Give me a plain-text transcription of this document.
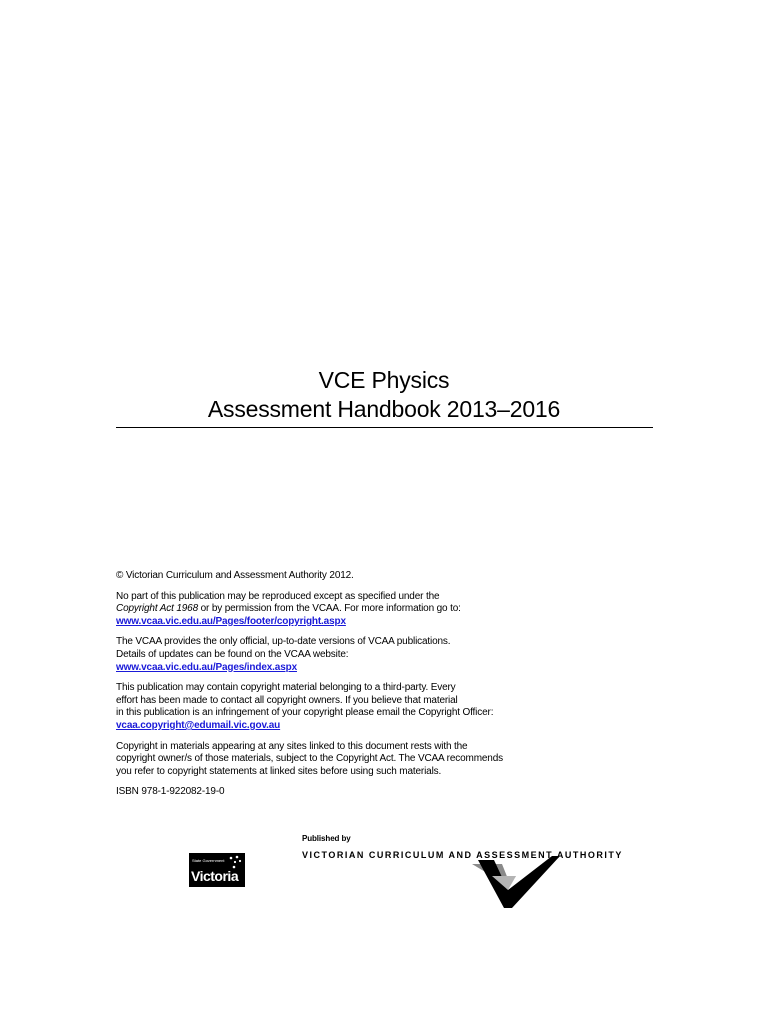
VCE Physics
Assessment Handbook 2013–2016

© Victorian Curriculum and Assessment Authority 2012.

No part of this publication may be reproduced except as specified under the
Copyright Act 1968 or by permission from the VCAA. For more information go to:
www.vcaa.vic.edu.au/Pages/footer/copyright.aspx

The VCAA provides the only official, up-to-date versions of VCAA publications.
Details of updates can be found on the VCAA website:
www.vcaa.vic.edu.au/Pages/index.aspx

This publication may contain copyright material belonging to a third-party. Every
effort has been made to contact all copyright owners. If you believe that material
in this publication is an infringement of your copyright please email the Copyright Officer:
vcaa.copyright@edumail.vic.gov.au

Copyright in materials appearing at any sites linked to this document rests with the
copyright owner/s of those materials, subject to the Copyright Act. The VCAA recommends
you refer to copyright statements at linked sites before using such materials.

ISBN 978-1-922082-19-0

State Government
Victoria
Published by
VICTORIAN CURRICULUM AND ASSESSMENT AUTHORITY
